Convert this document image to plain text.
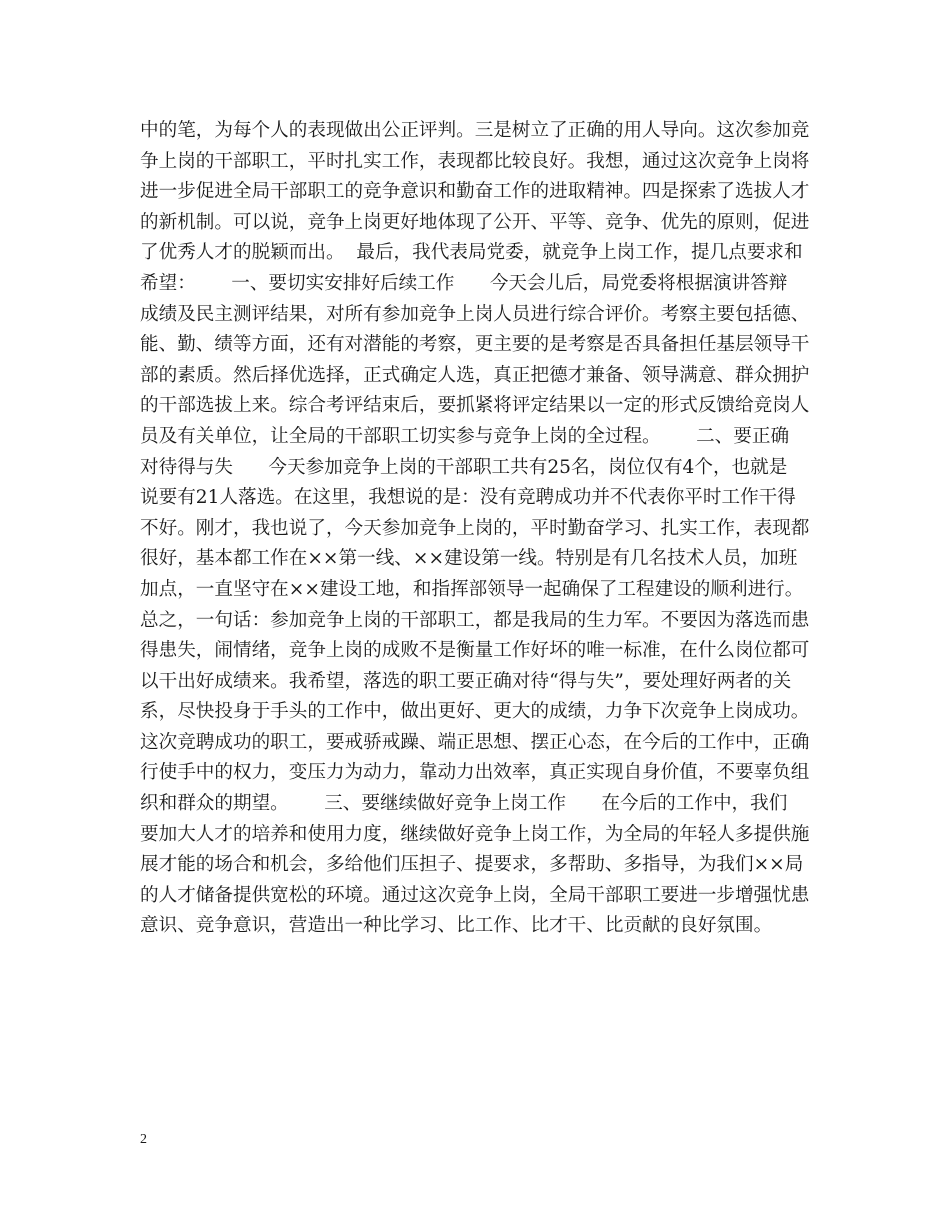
中的笔，为每个人的表现做出公正评判。三是树立了正确的用人导向。这次参加竞
争上岗的干部职工，平时扎实工作，表现都比较良好。我想，通过这次竞争上岗将
进一步促进全局干部职工的竞争意识和勤奋工作的进取精神。四是探索了选拔人才
的新机制。可以说，竞争上岗更好地体现了公开、平等、竞争、优先的原则，促进
了优秀人才的脱颖而出。  最后，我代表局党委，就竞争上岗工作，提几点要求和
希望：      一、要切实安排好后续工作      今天会儿后，局党委将根据演讲答辩
成绩及民主测评结果，对所有参加竞争上岗人员进行综合评价。考察主要包括德、
能、勤、绩等方面，还有对潜能的考察，更主要的是考察是否具备担任基层领导干
部的素质。然后择优选择，正式确定人选，真正把德才兼备、领导满意、群众拥护
的干部选拔上来。综合考评结束后，要抓紧将评定结果以一定的形式反馈给竞岗人
员及有关单位，让全局的干部职工切实参与竞争上岗的全过程。      二、要正确
对待得与失      今天参加竞争上岗的干部职工共有25名，岗位仅有4个，也就是
说要有21人落选。在这里，我想说的是：没有竞聘成功并不代表你平时工作干得
不好。刚才，我也说了，今天参加竞争上岗的，平时勤奋学习、扎实工作，表现都
很好，基本都工作在××第一线、××建设第一线。特别是有几名技术人员，加班
加点，一直坚守在××建设工地，和指挥部领导一起确保了工程建设的顺利进行。
总之，一句话：参加竞争上岗的干部职工，都是我局的生力军。不要因为落选而患
得患失，闹情绪，竞争上岗的成败不是衡量工作好坏的唯一标准，在什么岗位都可
以干出好成绩来。我希望，落选的职工要正确对待“得与失”，要处理好两者的关
系，尽快投身于手头的工作中，做出更好、更大的成绩，力争下次竞争上岗成功。
这次竞聘成功的职工，要戒骄戒躁、端正思想、摆正心态，在今后的工作中，正确
行使手中的权力，变压力为动力，靠动力出效率，真正实现自身价值，不要辜负组
织和群众的期望。      三、要继续做好竞争上岗工作      在今后的工作中，我们
要加大人才的培养和使用力度，继续做好竞争上岗工作，为全局的年轻人多提供施
展才能的场合和机会，多给他们压担子、提要求，多帮助、多指导，为我们××局
的人才储备提供宽松的环境。通过这次竞争上岗，全局干部职工要进一步增强忧患
意识、竞争意识，营造出一种比学习、比工作、比才干、比贡献的良好氛围。
2
